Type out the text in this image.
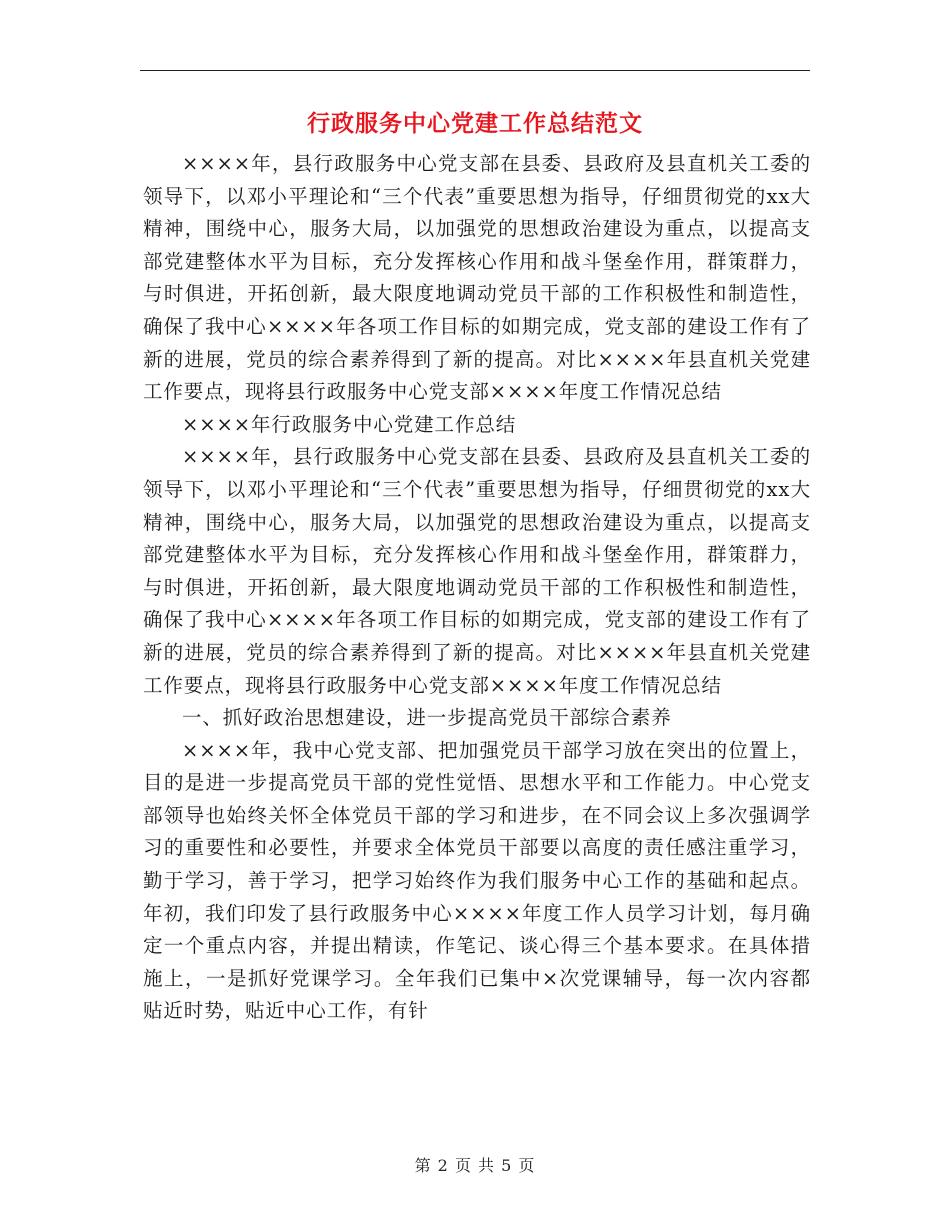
行政服务中心党建工作总结范文

××××年，县行政服务中心党支部在县委、县政府及县直机关工委的领导下，以邓小平理论和“三个代表”重要思想为指导，仔细贯彻党的xx大精神，围绕中心，服务大局，以加强党的思想政治建设为重点，以提高支部党建整体水平为目标，充分发挥核心作用和战斗堡垒作用，群策群力，与时俱进，开拓创新，最大限度地调动党员干部的工作积极性和制造性，确保了我中心××××年各项工作目标的如期完成，党支部的建设工作有了新的进展，党员的综合素养得到了新的提高。对比××××年县直机关党建工作要点，现将县行政服务中心党支部××××年度工作情况总结

××××年行政服务中心党建工作总结

××××年，县行政服务中心党支部在县委、县政府及县直机关工委的领导下，以邓小平理论和“三个代表”重要思想为指导，仔细贯彻党的xx大精神，围绕中心，服务大局，以加强党的思想政治建设为重点，以提高支部党建整体水平为目标，充分发挥核心作用和战斗堡垒作用，群策群力，与时俱进，开拓创新，最大限度地调动党员干部的工作积极性和制造性，确保了我中心××××年各项工作目标的如期完成，党支部的建设工作有了新的进展，党员的综合素养得到了新的提高。对比××××年县直机关党建工作要点，现将县行政服务中心党支部××××年度工作情况总结

一、抓好政治思想建设，进一步提高党员干部综合素养

××××年，我中心党支部、把加强党员干部学习放在突出的位置上，目的是进一步提高党员干部的党性觉悟、思想水平和工作能力。中心党支部领导也始终关怀全体党员干部的学习和进步，在不同会议上多次强调学习的重要性和必要性，并要求全体党员干部要以高度的责任感注重学习，勤于学习，善于学习，把学习始终作为我们服务中心工作的基础和起点。年初，我们印发了县行政服务中心××××年度工作人员学习计划，每月确定一个重点内容，并提出精读，作笔记、谈心得三个基本要求。在具体措施上，一是抓好党课学习。全年我们已集中×次党课辅导，每一次内容都贴近时势，贴近中心工作，有针

第 2 页 共 5 页
